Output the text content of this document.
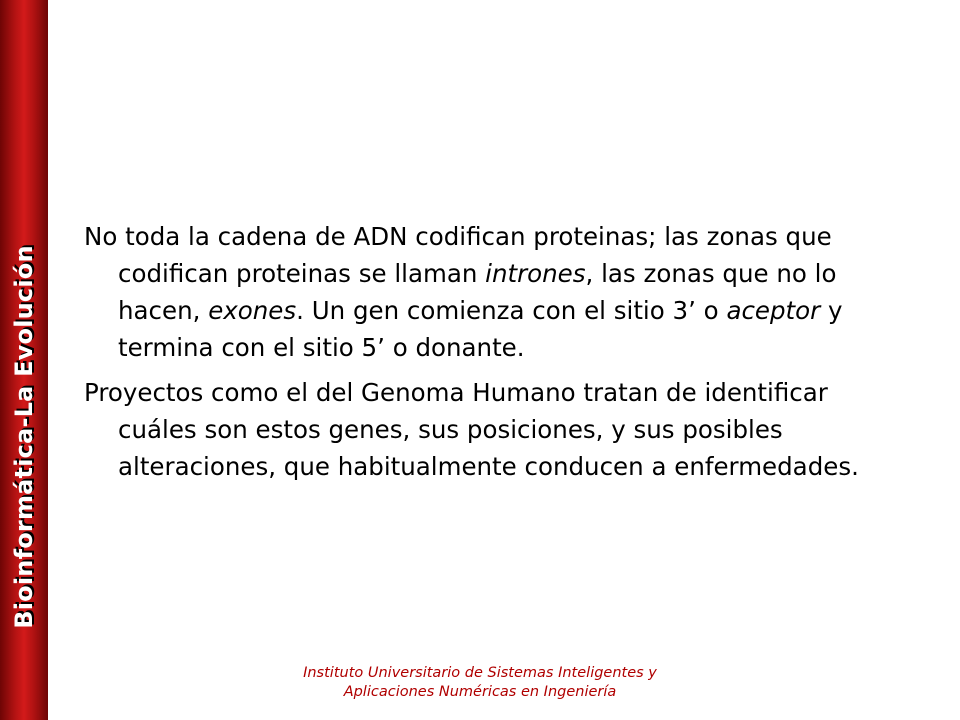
Bioinformática-La Evolución

No toda la cadena de ADN codifican proteinas; las zonas que codifican proteinas se llaman intrones, las zonas que no lo hacen, exones. Un gen comienza con el sitio 3’ o aceptor y termina con el sitio 5’ o donante.

Proyectos como el del Genoma Humano tratan de identificar cuáles son estos genes, sus posiciones, y sus posibles alteraciones, que habitualmente conducen a enfermedades.

Instituto Universitario de Sistemas Inteligentes y
Aplicaciones Numéricas en Ingeniería
